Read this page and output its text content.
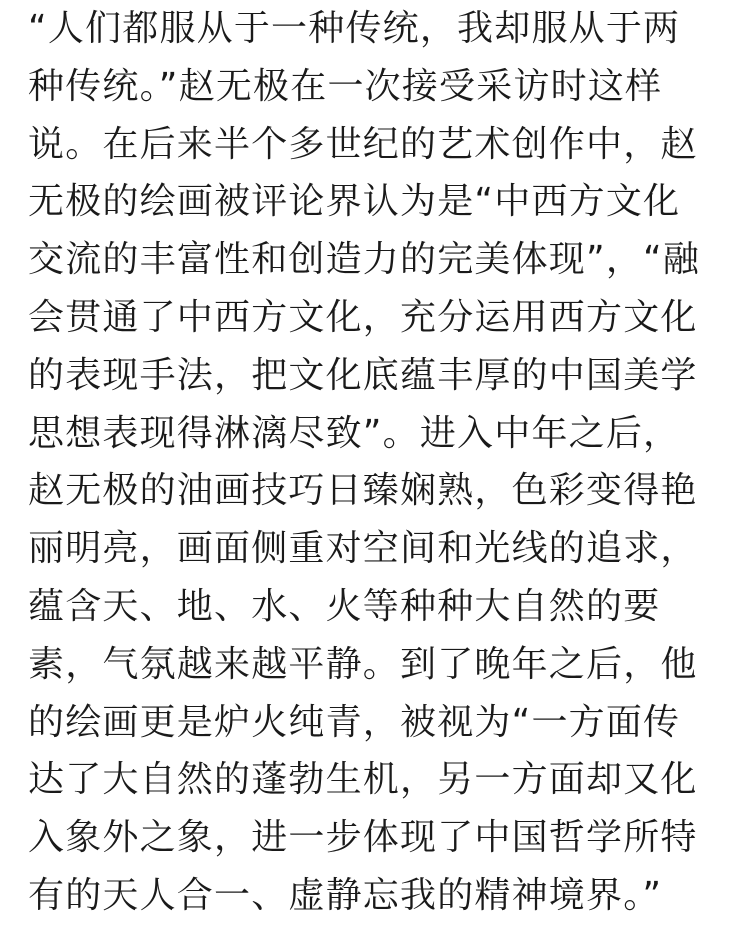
“人们都服从于一种传统，我却服从于两
种传统。”赵无极在一次接受采访时这样
说。在后来半个多世纪的艺术创作中，赵
无极的绘画被评论界认为是“中西方文化
交流的丰富性和创造力的完美体现”，“融
会贯通了中西方文化，充分运用西方文化
的表现手法，把文化底蕴丰厚的中国美学
思想表现得淋漓尽致”。进入中年之后，
赵无极的油画技巧日臻娴熟，色彩变得艳
丽明亮，画面侧重对空间和光线的追求，
蕴含天、地、水、火等种种大自然的要
素，气氛越来越平静。到了晚年之后，他
的绘画更是炉火纯青，被视为“一方面传
达了大自然的蓬勃生机，另一方面却又化
入象外之象，进一步体现了中国哲学所特
有的天人合一、虚静忘我的精神境界。”
